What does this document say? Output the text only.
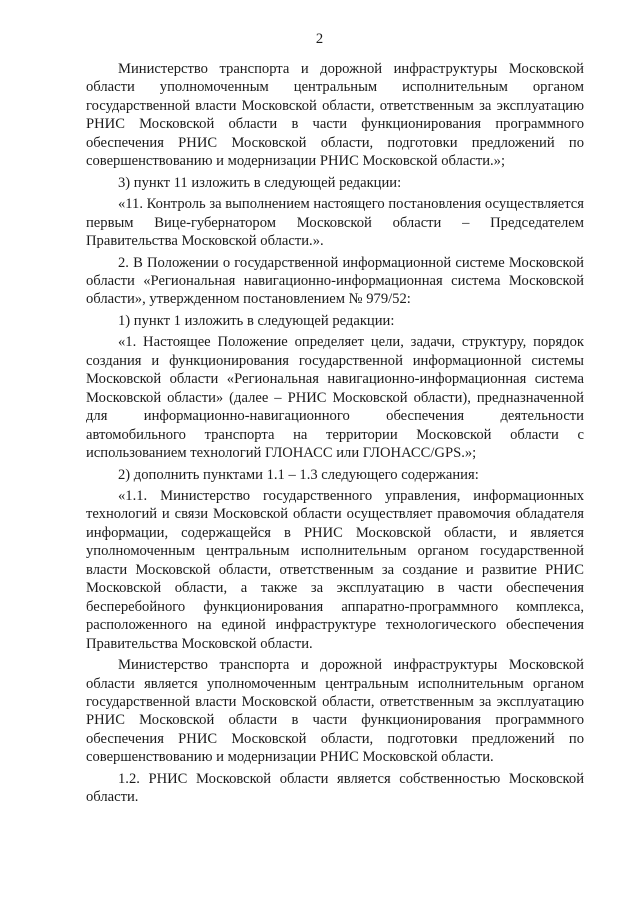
2

Министерство транспорта и дорожной инфраструктуры Московской области уполномоченным центральным исполнительным органом государственной власти Московской области, ответственным за эксплуатацию РНИС Московской области в части функционирования программного обеспечения РНИС Московской области, подготовки предложений по совершенствованию и модернизации РНИС Московской области.»;

3) пункт 11 изложить в следующей редакции:

«11. Контроль за выполнением настоящего постановления осуществляется первым Вице-губернатором Московской области – Председателем Правительства Московской области.».

2. В Положении о государственной информационной системе Московской области «Региональная навигационно-информационная система Московской области», утвержденном постановлением № 979/52:

1) пункт 1 изложить в следующей редакции:

«1. Настоящее Положение определяет цели, задачи, структуру, порядок создания и функционирования государственной информационной системы Московской области «Региональная навигационно-информационная система Московской области» (далее – РНИС Московской области), предназначенной для информационно-навигационного обеспечения деятельности автомобильного транспорта на территории Московской области с использованием технологий ГЛОНАСС или ГЛОНАСС/GPS.»;

2) дополнить пунктами 1.1 – 1.3 следующего содержания:

«1.1. Министерство государственного управления, информационных технологий и связи Московской области осуществляет правомочия обладателя информации, содержащейся в РНИС Московской области, и является уполномоченным центральным исполнительным органом государственной власти Московской области, ответственным за создание и развитие РНИС Московской области, а также за эксплуатацию в части обеспечения бесперебойного функционирования аппаратно-программного комплекса, расположенного на единой инфраструктуре технологического обеспечения Правительства Московской области.

Министерство транспорта и дорожной инфраструктуры Московской области является уполномоченным центральным исполнительным органом государственной власти Московской области, ответственным за эксплуатацию РНИС Московской области в части функционирования программного обеспечения РНИС Московской области, подготовки предложений по совершенствованию и модернизации РНИС Московской области.

1.2. РНИС Московской области является собственностью Московской области.
